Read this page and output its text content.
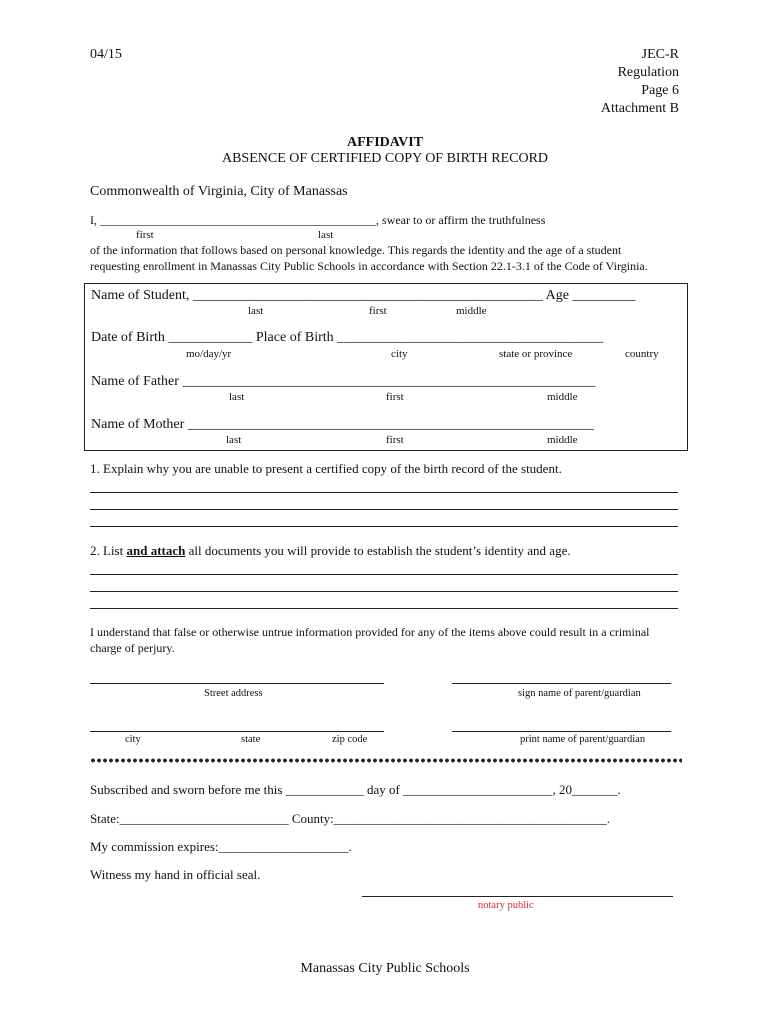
04/15	JEC-R
Regulation
Page 6
Attachment B
AFFIDAVIT
ABSENCE OF CERTIFIED COPY OF BIRTH RECORD
Commonwealth of Virginia, City of Manassas
I, ______________________________________________, swear to or affirm the truthfulness
first	last
of the information that follows based on personal knowledge. This regards the identity and the age of a student
requesting enrollment in Manassas City Public Schools in accordance with Section 22.1-3.1 of the Code of Virginia.
Name of Student, __________________________________________________ Age _________
last	first	middle
Date of Birth ____________ Place of Birth ______________________________________
mo/day/yr	city	state or province	country
Name of Father ___________________________________________________________
last	first	middle
Name of Mother __________________________________________________________
last	first	middle
1. Explain why you are unable to present a certified copy of the birth record of the student.
2. List and attach all documents you will provide to establish the student’s identity and age.
I understand that false or otherwise untrue information provided for any of the items above could result in a criminal
charge of perjury.
Street address	sign name of parent/guardian
city	state	zip code	print name of parent/guardian
Subscribed and sworn before me this ____________ day of _______________________, 20_______.
State:__________________________ County:__________________________________________.
My commission expires:____________________.
Witness my hand in official seal.
notary public
Manassas City Public Schools
